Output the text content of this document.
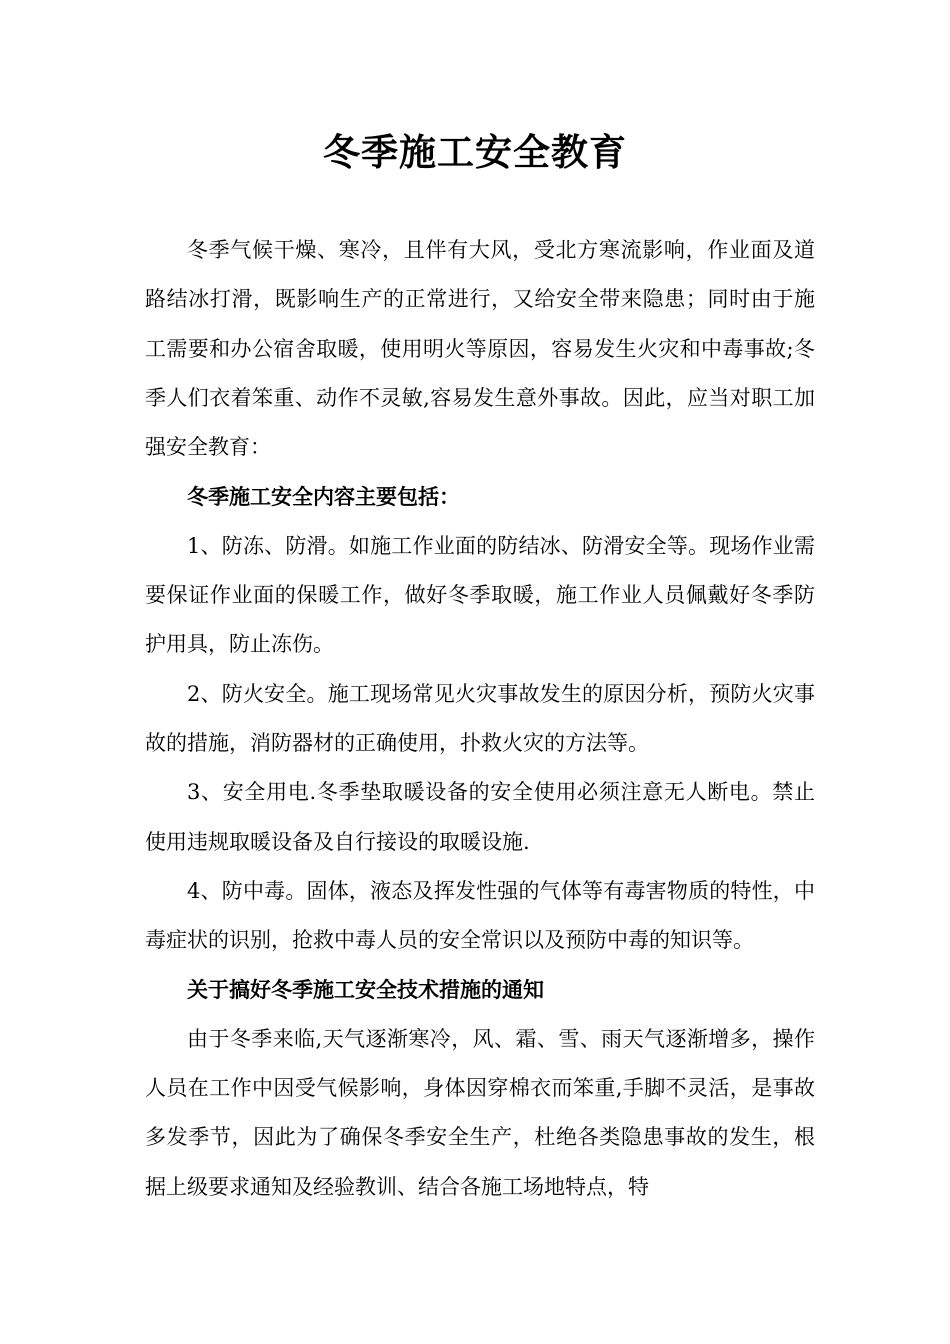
冬季施工安全教育

冬季气候干燥、寒冷，且伴有大风，受北方寒流影响，作业面及道路结冰打滑，既影响生产的正常进行，又给安全带来隐患；同时由于施工需要和办公宿舍取暖，使用明火等原因，容易发生火灾和中毒事故;冬季人们衣着笨重、动作不灵敏,容易发生意外事故。因此，应当对职工加强安全教育：

冬季施工安全内容主要包括：

1、防冻、防滑。如施工作业面的防结冰、防滑安全等。现场作业需要保证作业面的保暖工作，做好冬季取暖，施工作业人员佩戴好冬季防护用具，防止冻伤。

2、防火安全。施工现场常见火灾事故发生的原因分析，预防火灾事故的措施，消防器材的正确使用，扑救火灾的方法等。

3、安全用电.冬季垫取暖设备的安全使用必须注意无人断电。禁止使用违规取暖设备及自行接设的取暖设施.

4、防中毒。固体，液态及挥发性强的气体等有毒害物质的特性，中毒症状的识别，抢救中毒人员的安全常识以及预防中毒的知识等。

关于搞好冬季施工安全技术措施的通知

由于冬季来临,天气逐渐寒冷，风、霜、雪、雨天气逐渐增多，操作人员在工作中因受气候影响，身体因穿棉衣而笨重,手脚不灵活，是事故多发季节，因此为了确保冬季安全生产，杜绝各类隐患事故的发生，根据上级要求通知及经验教训、结合各施工场地特点，特
